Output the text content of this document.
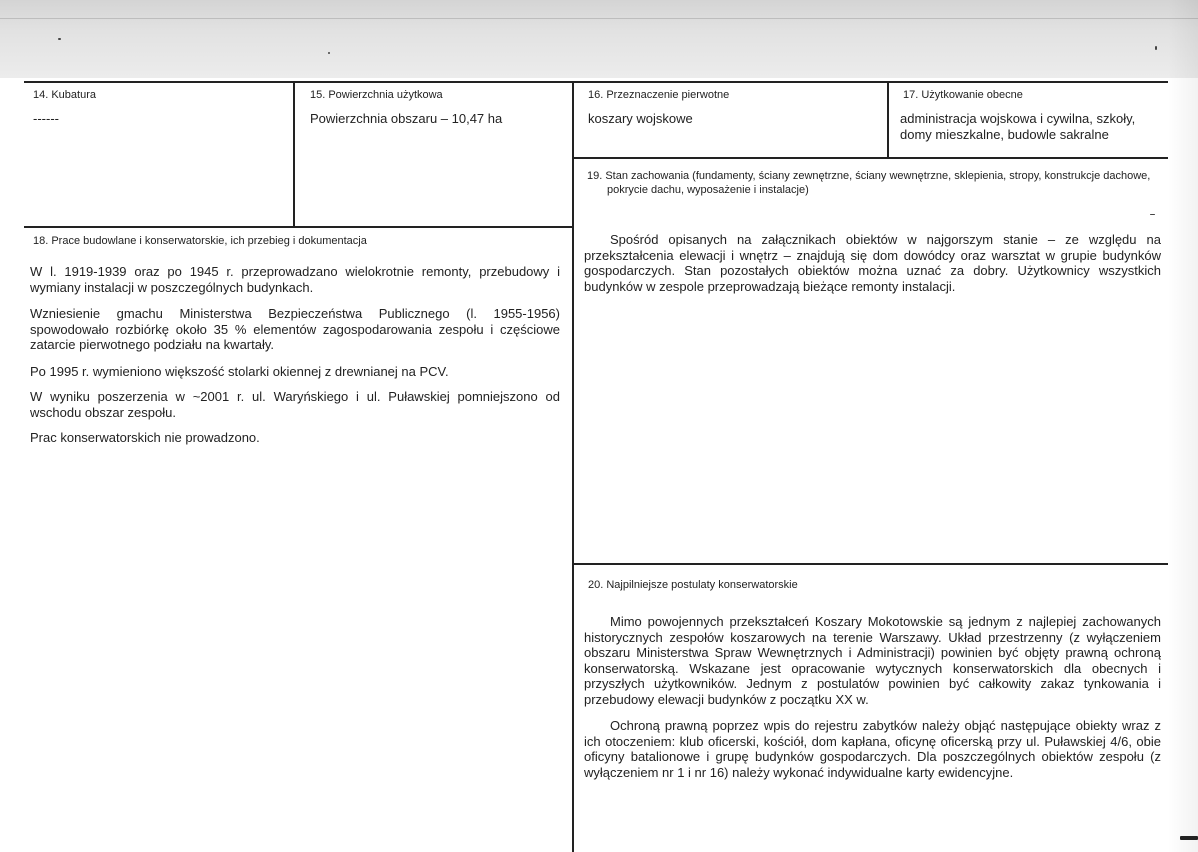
14. Kubatura
------
15. Powierzchnia użytkowa
Powierzchnia obszaru – 10,47 ha
16. Przeznaczenie pierwotne
koszary wojskowe
17. Użytkowanie obecne
administracja wojskowa i cywilna, szkoły, domy mieszkalne, budowle sakralne
19. Stan zachowania (fundamenty, ściany zewnętrzne, ściany wewnętrzne, sklepienia, stropy, konstrukcje dachowe, pokrycie dachu, wyposażenie i instalacje)

Spośród opisanych na załącznikach obiektów w najgorszym stanie – ze względu na przekształcenia elewacji i wnętrz – znajdują się dom dowódcy oraz warsztat w grupie budynków gospodarczych. Stan pozostałych obiektów można uznać za dobry. Użytkownicy wszystkich budynków w zespole przeprowadzają bieżące remonty instalacji.

18. Prace budowlane i konserwatorskie, ich przebieg i dokumentacja

W l. 1919-1939 oraz po 1945 r. przeprowadzano wielokrotnie remonty, przebudowy i wymiany instalacji w poszczególnych budynkach.

Wzniesienie gmachu Ministerstwa Bezpieczeństwa Publicznego (l. 1955-1956) spowodowało rozbiórkę około 35 % elementów zagospodarowania zespołu i częściowe zatarcie pierwotnego podziału na kwartały.

Po 1995 r. wymieniono większość stolarki okiennej z drewnianej na PCV.

W wyniku poszerzenia w ~2001 r. ul. Waryńskiego i ul. Puławskiej pomniejszono od wschodu obszar zespołu.

Prac konserwatorskich nie prowadzono.

20. Najpilniejsze postulaty konserwatorskie

Mimo powojennych przekształceń Koszary Mokotowskie są jednym z najlepiej zachowanych historycznych zespołów koszarowych na terenie Warszawy. Układ przestrzenny (z wyłączeniem obszaru Ministerstwa Spraw Wewnętrznych i Administracji) powinien być objęty prawną ochroną konserwatorską. Wskazane jest opracowanie wytycznych konserwatorskich dla obecnych i przyszłych użytkowników. Jednym z postulatów powinien być całkowity zakaz tynkowania i przebudowy elewacji budynków z początku XX w.

Ochroną prawną poprzez wpis do rejestru zabytków należy objąć następujące obiekty wraz z ich otoczeniem: klub oficerski, kościół, dom kapłana, oficynę oficerską przy ul. Puławskiej 4/6, obie oficyny batalionowe i grupę budynków gospodarczych. Dla poszczególnych obiektów zespołu (z wyłączeniem nr 1 i nr 16) należy wykonać indywidualne karty ewidencyjne.
